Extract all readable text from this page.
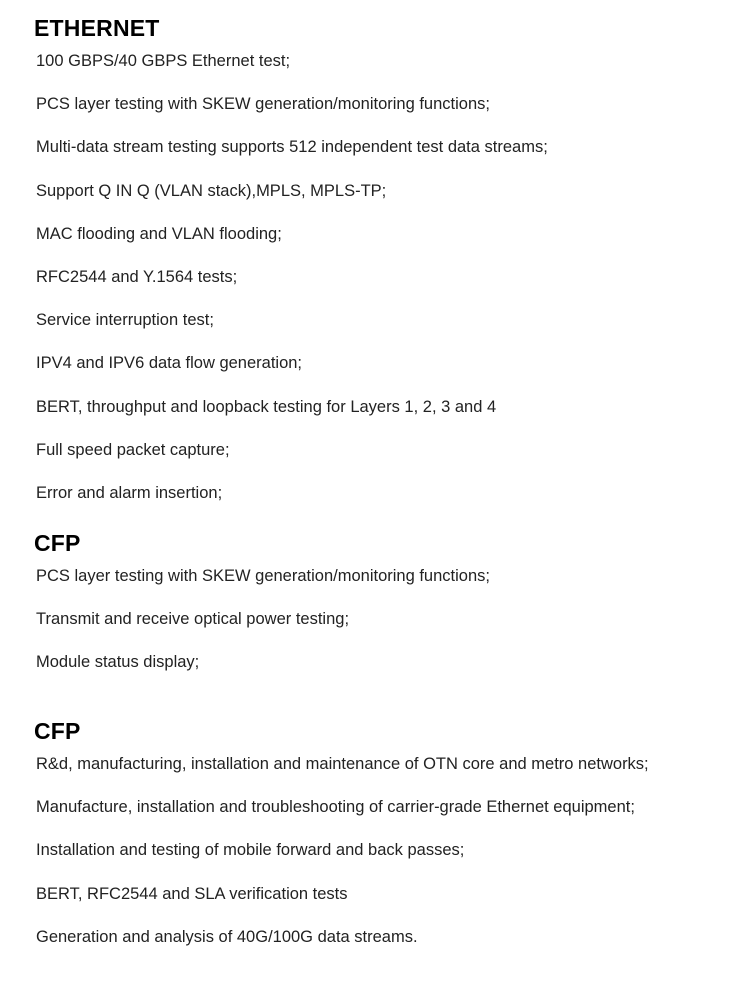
ETHERNET

100 GBPS/40 GBPS Ethernet test;

PCS layer testing with SKEW generation/monitoring functions;

Multi-data stream testing supports 512 independent test data streams;

Support Q IN Q (VLAN stack),MPLS, MPLS-TP;

MAC flooding and VLAN flooding;

RFC2544 and Y.1564 tests;

Service interruption test;

IPV4 and IPV6 data flow generation;

BERT, throughput and loopback testing for Layers 1, 2, 3 and 4

Full speed packet capture;

Error and alarm insertion;

CFP

PCS layer testing with SKEW generation/monitoring functions;

Transmit and receive optical power testing;

Module status display;

CFP

R&d, manufacturing, installation and maintenance of OTN core and metro networks;

Manufacture, installation and troubleshooting of carrier-grade Ethernet equipment;

Installation and testing of mobile forward and back passes;

BERT, RFC2544 and SLA verification tests

Generation and analysis of 40G/100G data streams.
